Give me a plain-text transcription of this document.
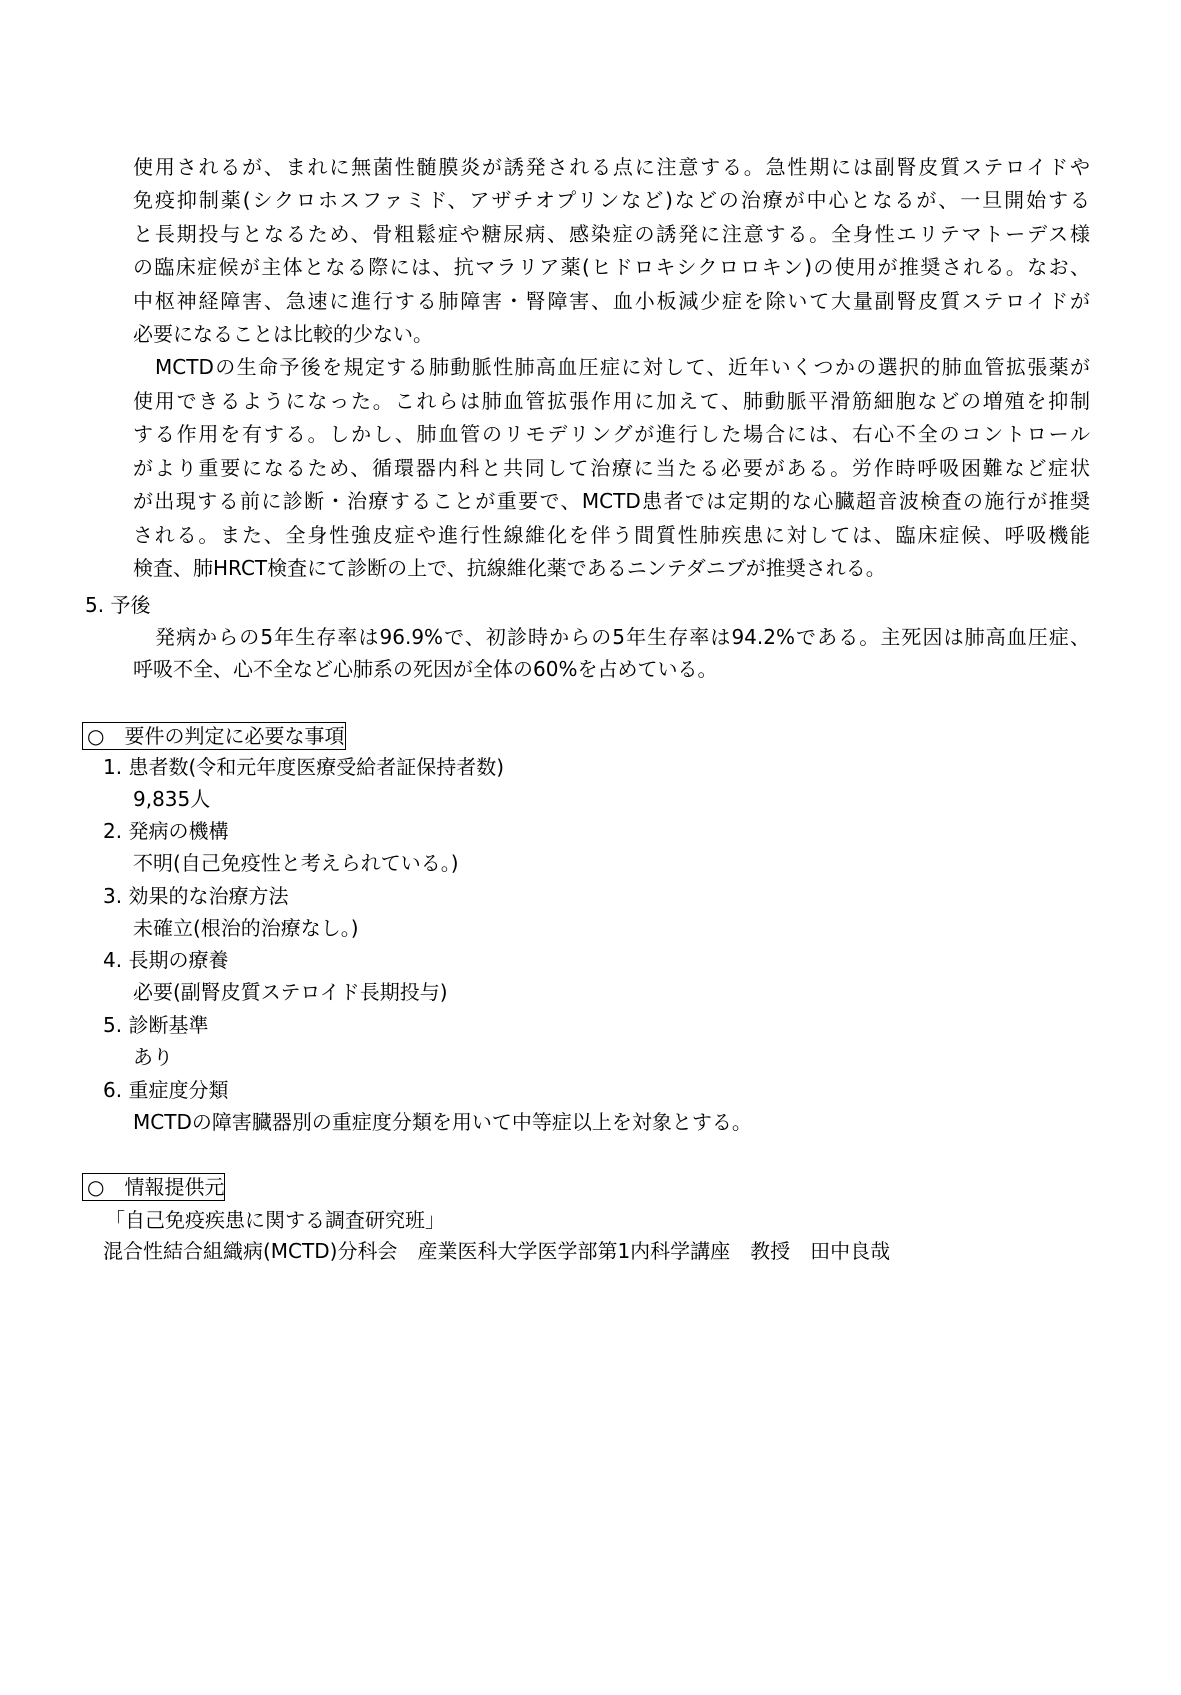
使用されるが、まれに無菌性髄膜炎が誘発される点に注意する。急性期には副腎皮質ステロイドや
免疫抑制薬(シクロホスファミド、アザチオプリンなど)などの治療が中心となるが、一旦開始する
と長期投与となるため、骨粗鬆症や糖尿病、感染症の誘発に注意する。全身性エリテマトーデス様
の臨床症候が主体となる際には、抗マラリア薬(ヒドロキシクロロキン)の使用が推奨される。なお、
中枢神経障害、急速に進行する肺障害・腎障害、血小板減少症を除いて大量副腎皮質ステロイドが
必要になることは比較的少ない。
MCTDの生命予後を規定する肺動脈性肺高血圧症に対して、近年いくつかの選択的肺血管拡張薬が
使用できるようになった。これらは肺血管拡張作用に加えて、肺動脈平滑筋細胞などの増殖を抑制
する作用を有する。しかし、肺血管のリモデリングが進行した場合には、右心不全のコントロール
がより重要になるため、循環器内科と共同して治療に当たる必要がある。労作時呼吸困難など症状
が出現する前に診断・治療することが重要で、MCTD患者では定期的な心臓超音波検査の施行が推奨
される。また、全身性強皮症や進行性線維化を伴う間質性肺疾患に対しては、臨床症候、呼吸機能
検査、肺HRCT検査にて診断の上で、抗線維化薬であるニンテダニブが推奨される。
5. 予後
発病からの5年生存率は96.9%で、初診時からの5年生存率は94.2%である。主死因は肺高血圧症、
呼吸不全、心不全など心肺系の死因が全体の60%を占めている。
○　要件の判定に必要な事項
1. 患者数(令和元年度医療受給者証保持者数)
9,835人
2. 発病の機構
不明(自己免疫性と考えられている。)
3. 効果的な治療方法
未確立(根治的治療なし。)
4. 長期の療養
必要(副腎皮質ステロイド長期投与)
5. 診断基準
あり
6. 重症度分類
MCTDの障害臓器別の重症度分類を用いて中等症以上を対象とする。
○　情報提供元
「自己免疫疾患に関する調査研究班」
混合性結合組織病(MCTD)分科会　産業医科大学医学部第1内科学講座　教授　田中良哉
